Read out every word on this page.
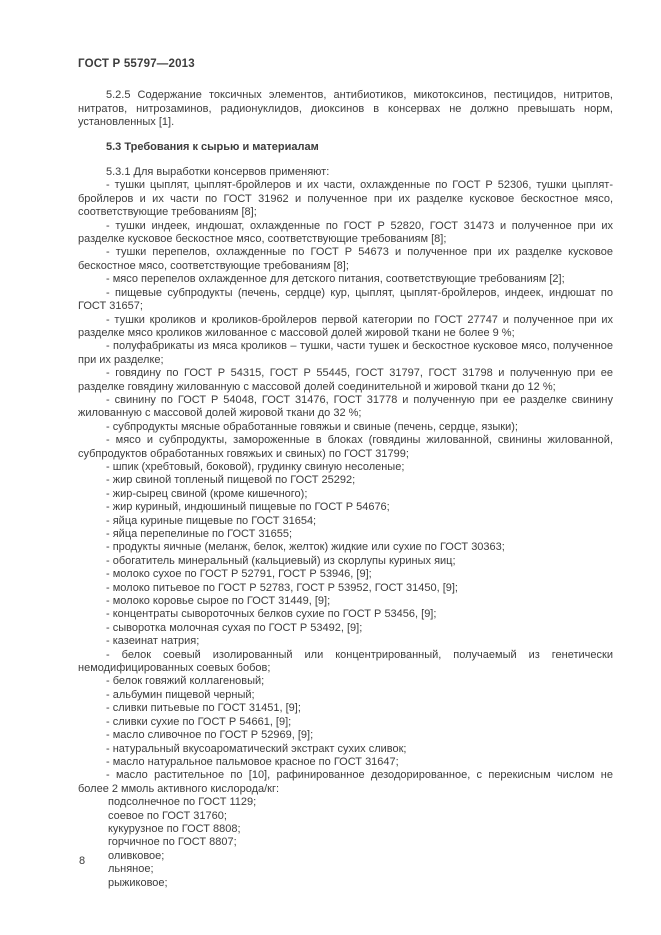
ГОСТ Р 55797—2013

5.2.5 Содержание токсичных элементов, антибиотиков, микотоксинов, пестицидов, нитритов, нитратов, нитрозаминов, радионуклидов, диоксинов в консервах не должно превышать норм, установленных [1].

5.3 Требования к сырью и материалам

5.3.1 Для выработки консервов применяют:

- тушки цыплят, цыплят-бройлеров и их части, охлажденные по ГОСТ Р 52306, тушки цыплят-бройлеров и их части по ГОСТ 31962 и полученное при их разделке кусковое бескостное мясо, соответствующие требованиям [8];

- тушки индеек, индюшат, охлажденные по ГОСТ Р 52820, ГОСТ 31473 и полученное при их разделке кусковое бескостное мясо, соответствующие требованиям [8];

- тушки перепелов, охлажденные по ГОСТ Р 54673 и полученное при их разделке кусковое бескостное мясо, соответствующие требованиям [8];

- мясо перепелов охлажденное для детского питания, соответствующие требованиям [2];

- пищевые субпродукты (печень, сердце) кур, цыплят, цыплят-бройлеров, индеек, индюшат по ГОСТ 31657;

- тушки кроликов и кроликов-бройлеров первой категории по ГОСТ 27747 и полученное при их разделке мясо кроликов жилованное с массовой долей жировой ткани не более 9 %;

- полуфабрикаты из мяса кроликов – тушки, части тушек и бескостное кусковое мясо, полученное при их разделке;

- говядину по ГОСТ Р 54315, ГОСТ Р 55445, ГОСТ 31797, ГОСТ 31798 и полученную при ее разделке говядину жилованную с массовой долей соединительной и жировой ткани до 12 %;

- свинину по ГОСТ Р 54048, ГОСТ 31476, ГОСТ 31778 и полученную при ее разделке свинину жилованную с массовой долей жировой ткани до 32 %;

- субпродукты мясные обработанные говяжьи и свиные (печень, сердце, языки);

- мясо и субпродукты, замороженные в блоках (говядины жилованной, свинины жилованной, субпродуктов обработанных говяжьих и свиных) по ГОСТ 31799;

- шпик (хребтовый, боковой), грудинку свиную несоленые;

- жир свиной топленый пищевой по ГОСТ 25292;

- жир-сырец свиной (кроме кишечного);

- жир куриный, индюшиный пищевые по ГОСТ Р 54676;

- яйца куриные пищевые по ГОСТ 31654;

- яйца перепелиные по ГОСТ 31655;

- продукты яичные (меланж, белок, желток) жидкие или сухие по ГОСТ 30363;

- обогатитель минеральный (кальциевый) из скорлупы куриных яиц;

- молоко сухое по ГОСТ Р 52791, ГОСТ Р 53946, [9];

- молоко питьевое по ГОСТ Р 52783, ГОСТ Р 53952, ГОСТ 31450, [9];

- молоко коровье сырое по ГОСТ 31449, [9];

- концентраты сывороточных белков сухие по ГОСТ Р 53456, [9];

- сыворотка молочная сухая по ГОСТ Р 53492, [9];

- казеинат натрия;

- белок соевый изолированный или концентрированный, получаемый из генетически немодифицированных соевых бобов;

- белок говяжий коллагеновый;

- альбумин пищевой черный;

- сливки питьевые по ГОСТ 31451, [9];

- сливки сухие по ГОСТ Р 54661, [9];

- масло сливочное по ГОСТ Р 52969, [9];

- натуральный вкусоароматический экстракт сухих сливок;

- масло натуральное пальмовое красное по ГОСТ 31647;

- масло растительное по [10], рафинированное дезодорированное, с перекисным числом не более 2 ммоль активного кислорода/кг:

подсолнечное по ГОСТ 1129;

соевое по ГОСТ 31760;

кукурузное по ГОСТ 8808;

горчичное по ГОСТ 8807;

оливковое;

льняное;

рыжиковое;

8
